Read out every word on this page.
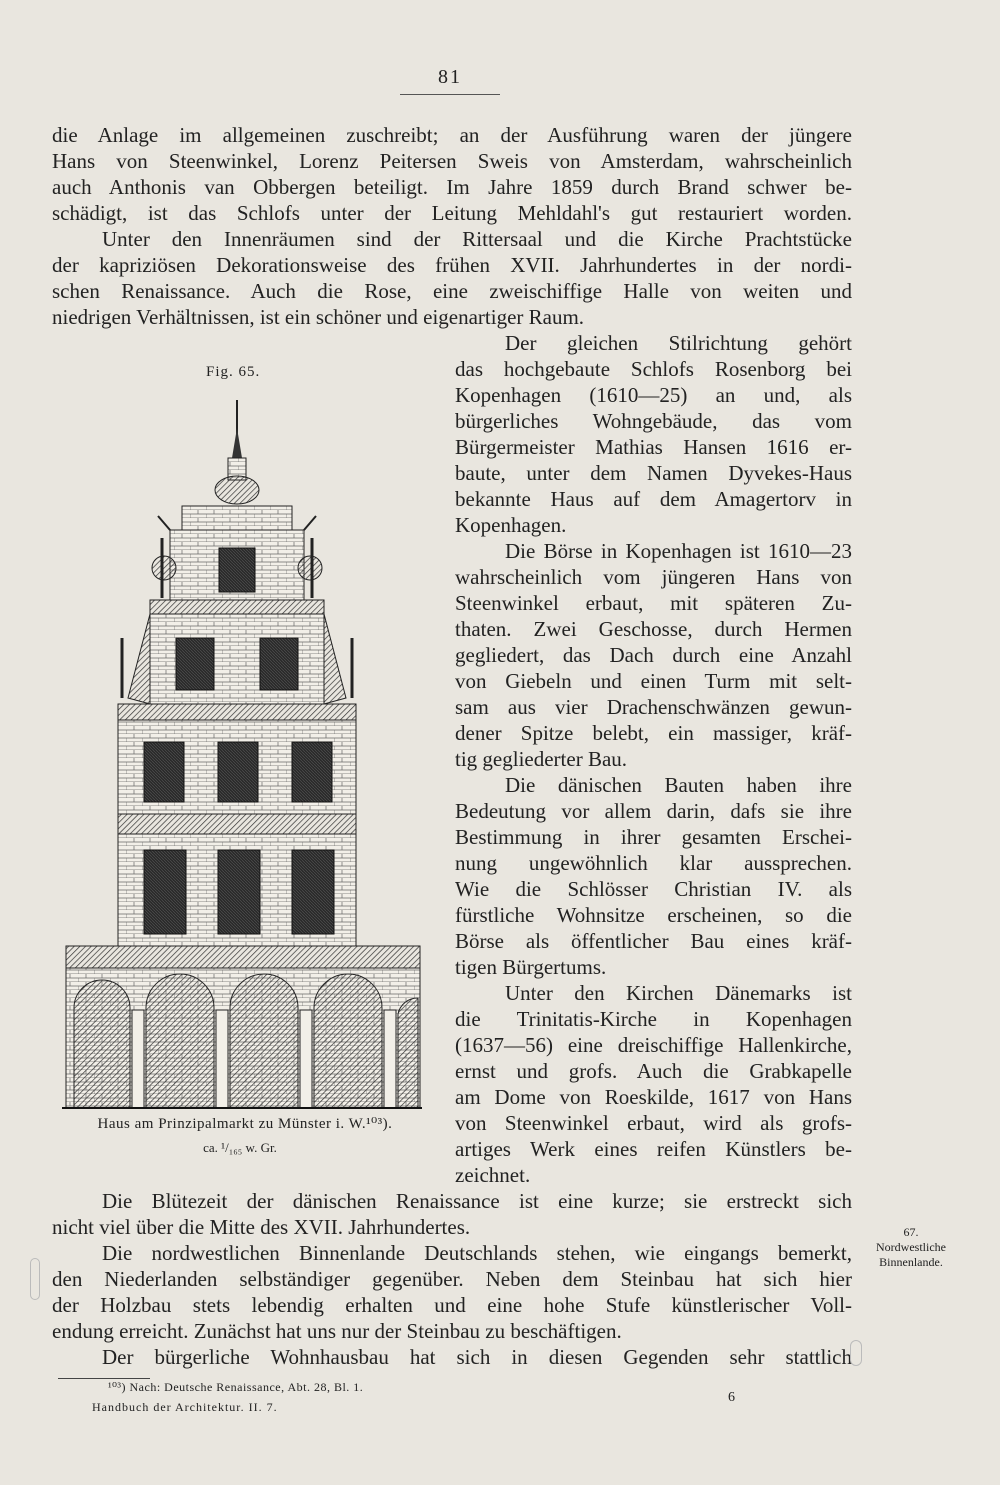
81
die Anlage im allgemeinen zuschreibt; an der Ausführung waren der jüngere
Hans von Steenwinkel, Lorenz Peitersen Sweis von Amsterdam, wahrscheinlich
auch Anthonis van Obbergen beteiligt. Im Jahre 1859 durch Brand schwer be-
schädigt, ist das Schlofs unter der Leitung Mehldahl's gut restauriert worden.
Unter den Innenräumen sind der Rittersaal und die Kirche Prachtstücke
der kapriziösen Dekorationsweise des frühen XVII. Jahrhundertes in der nordi-
schen Renaissance. Auch die Rose, eine zweischiffige Halle von weiten und
niedrigen Verhältnissen, ist ein schöner und eigenartiger Raum.
Der gleichen Stilrichtung gehört
das hochgebaute Schlofs Rosenborg bei
Kopenhagen (1610—25) an und, als
bürgerliches Wohngebäude, das vom
Bürgermeister Mathias Hansen 1616 er-
baute, unter dem Namen Dyvekes-Haus
bekannte Haus auf dem Amagertorv in
Kopenhagen.
Die Börse in Kopenhagen ist 1610—23
wahrscheinlich vom jüngeren Hans von
Steenwinkel erbaut, mit späteren Zu-
thaten. Zwei Geschosse, durch Hermen
gegliedert, das Dach durch eine Anzahl
von Giebeln und einen Turm mit selt-
sam aus vier Drachenschwänzen gewun-
dener Spitze belebt, ein massiger, kräf-
tig gegliederter Bau.
Die dänischen Bauten haben ihre
Bedeutung vor allem darin, dafs sie ihre
Bestimmung in ihrer gesamten Erschei-
nung ungewöhnlich klar aussprechen.
Wie die Schlösser Christian IV. als
fürstliche Wohnsitze erscheinen, so die
Börse als öffentlicher Bau eines kräf-
tigen Bürgertums.
Unter den Kirchen Dänemarks ist
die Trinitatis-Kirche in Kopenhagen
(1637—56) eine dreischiffige Hallenkirche,
ernst und grofs. Auch die Grabkapelle
am Dome von Roeskilde, 1617 von Hans
von Steenwinkel erbaut, wird als grofs-
artiges Werk eines reifen Künstlers be-
zeichnet.
Fig. 65.
Haus am Prinzipalmarkt zu Münster i. W.¹⁰³).
ca. ¹/₁₆₅ w. Gr.
Die Blütezeit der dänischen Renaissance ist eine kurze; sie erstreckt sich
nicht viel über die Mitte des XVII. Jahrhundertes.
Die nordwestlichen Binnenlande Deutschlands stehen, wie eingangs bemerkt,
den Niederlanden selbständiger gegenüber. Neben dem Steinbau hat sich hier
der Holzbau stets lebendig erhalten und eine hohe Stufe künstlerischer Voll-
endung erreicht. Zunächst hat uns nur der Steinbau zu beschäftigen.
Der bürgerliche Wohnhausbau hat sich in diesen Gegenden sehr stattlich
67.
Nordwestliche
Binnenlande.
¹⁰³) Nach: Deutsche Renaissance, Abt. 28, Bl. 1.
Handbuch der Architektur. II. 7.
6
